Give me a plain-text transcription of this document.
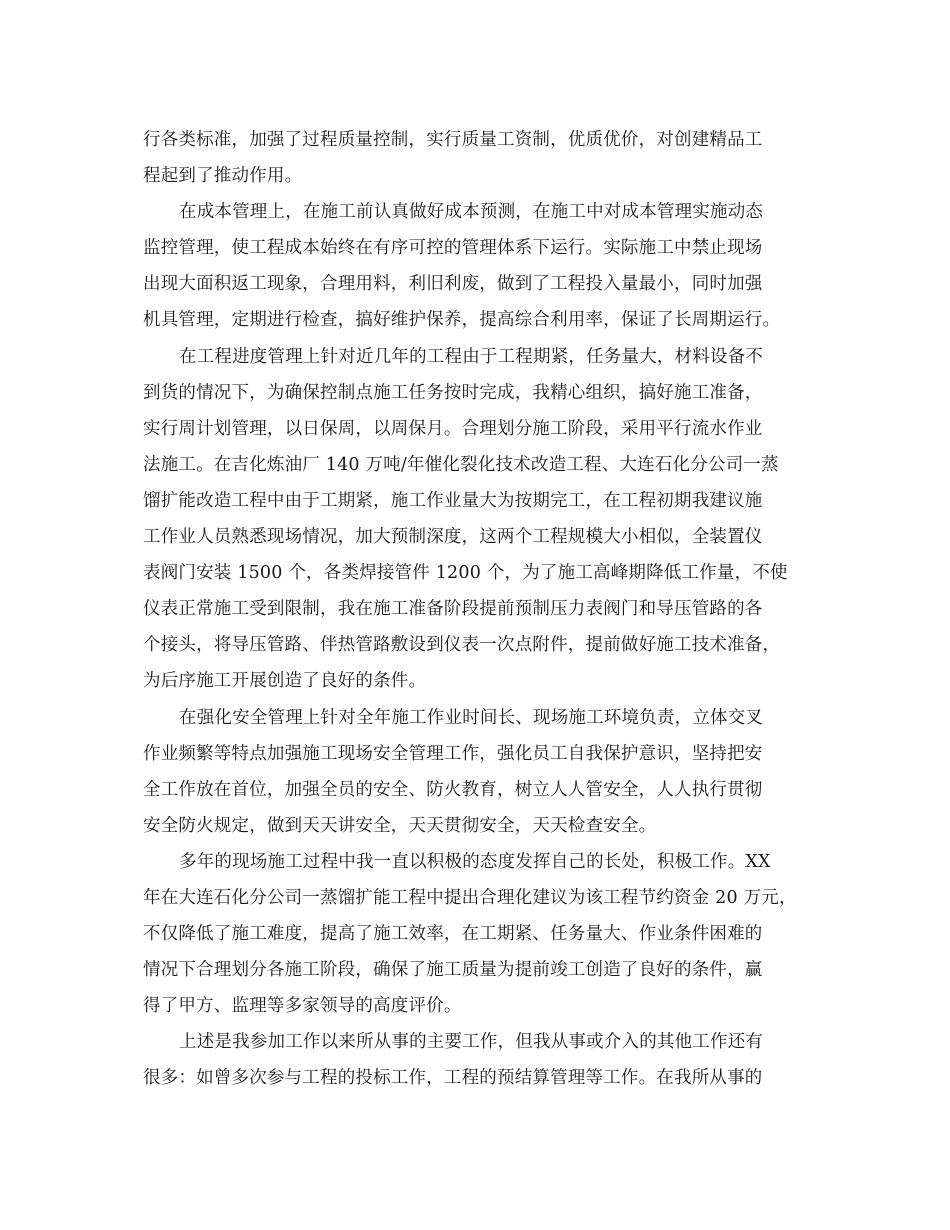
行各类标准，加强了过程质量控制，实行质量工资制，优质优价，对创建精品工
程起到了推动作用。
在成本管理上，在施工前认真做好成本预测，在施工中对成本管理实施动态
监控管理，使工程成本始终在有序可控的管理体系下运行。实际施工中禁止现场
出现大面积返工现象，合理用料，利旧利废，做到了工程投入量最小，同时加强
机具管理，定期进行检查，搞好维护保养，提高综合利用率，保证了长周期运行。
在工程进度管理上针对近几年的工程由于工程期紧，任务量大，材料设备不
到货的情况下，为确保控制点施工任务按时完成，我精心组织，搞好施工准备，
实行周计划管理，以日保周，以周保月。合理划分施工阶段，采用平行流水作业
法施工。在吉化炼油厂 140 万吨/年催化裂化技术改造工程、大连石化分公司一蒸
馏扩能改造工程中由于工期紧，施工作业量大为按期完工，在工程初期我建议施
工作业人员熟悉现场情况，加大预制深度，这两个工程规模大小相似，全装置仪
表阀门安装 1500 个，各类焊接管件 1200 个，为了施工高峰期降低工作量，不使
仪表正常施工受到限制，我在施工准备阶段提前预制压力表阀门和导压管路的各
个接头，将导压管路、伴热管路敷设到仪表一次点附件，提前做好施工技术准备，
为后序施工开展创造了良好的条件。
在强化安全管理上针对全年施工作业时间长、现场施工环境负责，立体交叉
作业频繁等特点加强施工现场安全管理工作，强化员工自我保护意识，坚持把安
全工作放在首位，加强全员的安全、防火教育，树立人人管安全，人人执行贯彻
安全防火规定，做到天天讲安全，天天贯彻安全，天天检查安全。
多年的现场施工过程中我一直以积极的态度发挥自己的长处，积极工作。XX
年在大连石化分公司一蒸馏扩能工程中提出合理化建议为该工程节约资金 20 万元，
不仅降低了施工难度，提高了施工效率，在工期紧、任务量大、作业条件困难的
情况下合理划分各施工阶段，确保了施工质量为提前竣工创造了良好的条件，赢
得了甲方、监理等多家领导的高度评价。
上述是我参加工作以来所从事的主要工作，但我从事或介入的其他工作还有
很多：如曾多次参与工程的投标工作，工程的预结算管理等工作。在我所从事的
